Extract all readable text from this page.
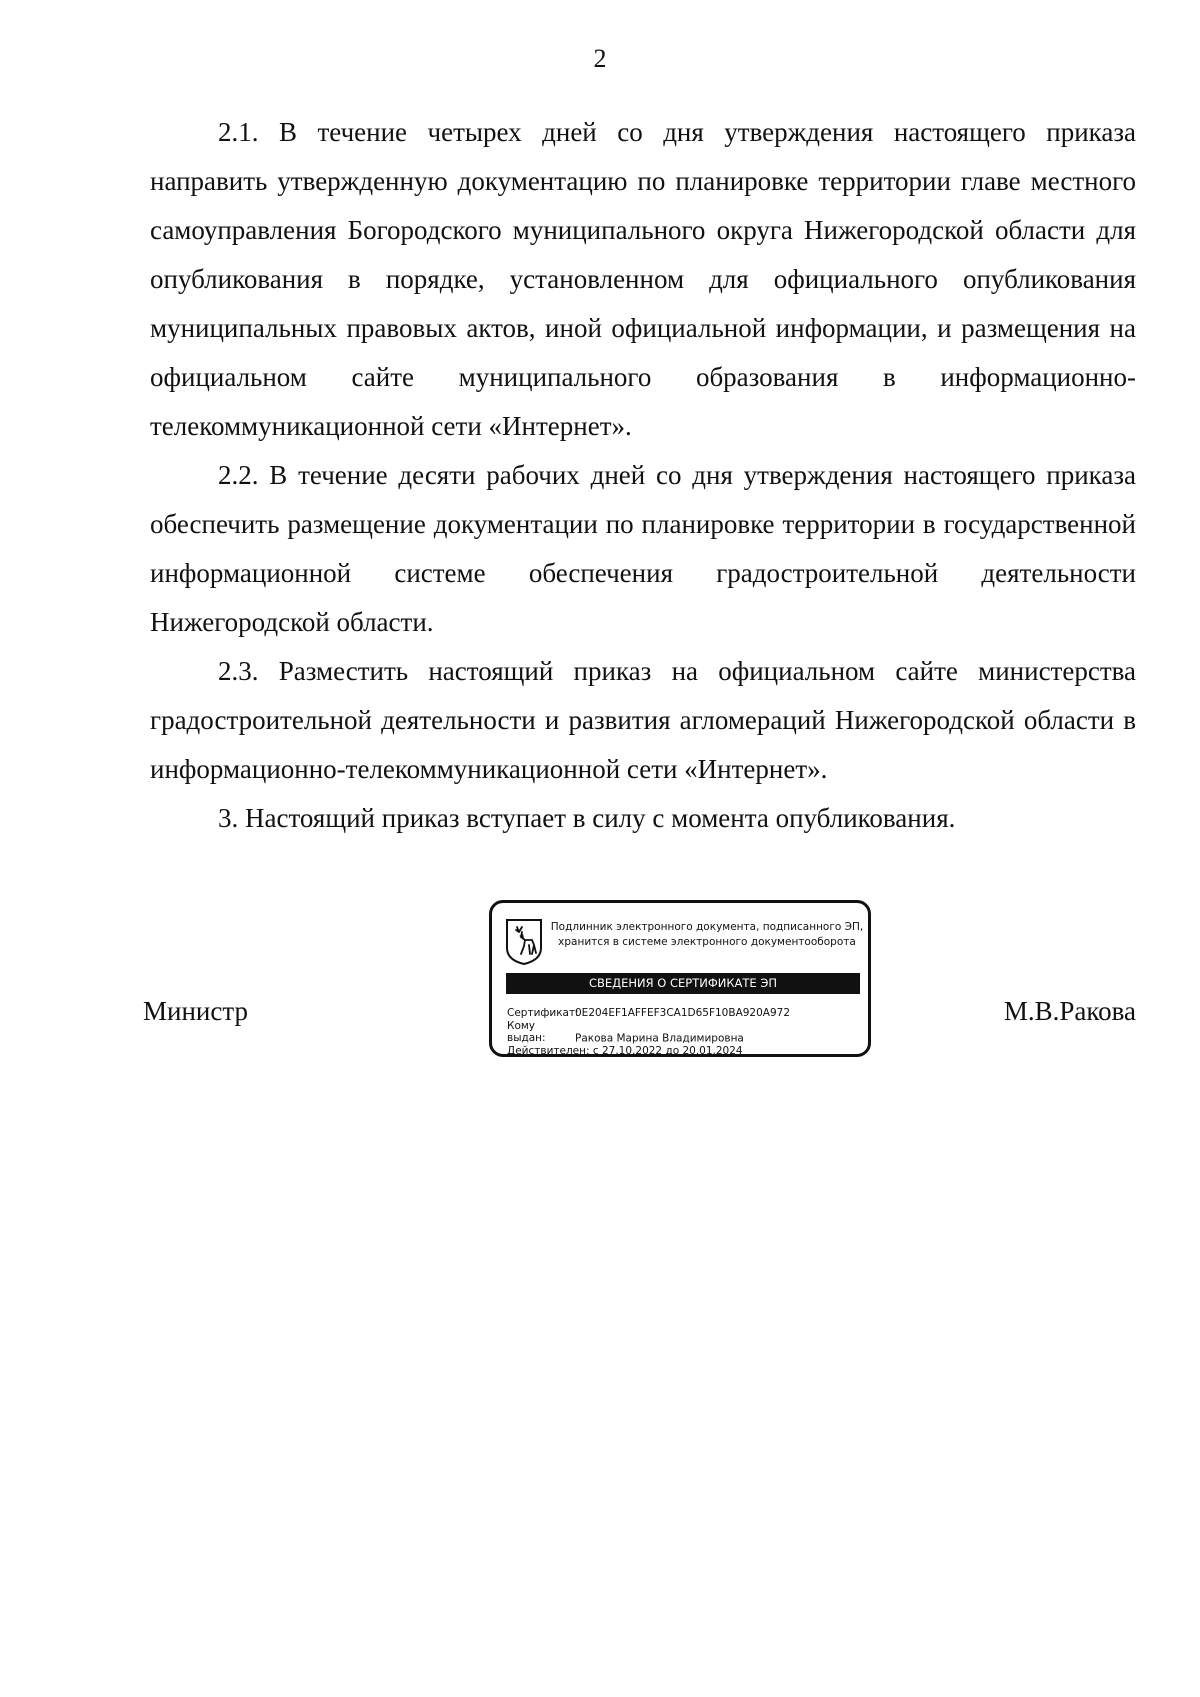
2

2.1. В течение четырех дней со дня утверждения настоящего приказа направить утвержденную документацию по планировке территории главе местного самоуправления Богородского муниципального округа Нижегородской области для опубликования в порядке, установленном для официального опубликования муниципальных правовых актов, иной официальной информации, и размещения на официальном сайте муниципального образования в информационно-телекоммуникационной сети «Интернет».

2.2. В течение десяти рабочих дней со дня утверждения настоящего приказа обеспечить размещение документации по планировке территории в государственной информационной системе обеспечения градостроительной деятельности Нижегородской области.

2.3. Разместить настоящий приказ на официальном сайте министерства градостроительной деятельности и развития агломераций Нижегородской области в информационно-телекоммуникационной сети «Интернет».

3. Настоящий приказ вступает в силу с момента опубликования.

Министр
Подлинник электронного документа, подписанного ЭП,
хранится в системе электронного документооборота
СВЕДЕНИЯ О СЕРТИФИКАТЕ ЭП
Сертификат:0E204EF1AFFEF3CA1D65F10BA920A972
Кому выдан:	Ракова Марина Владимировна
Действителен: с 27.10.2022 до 20.01.2024
М.В.Ракова
